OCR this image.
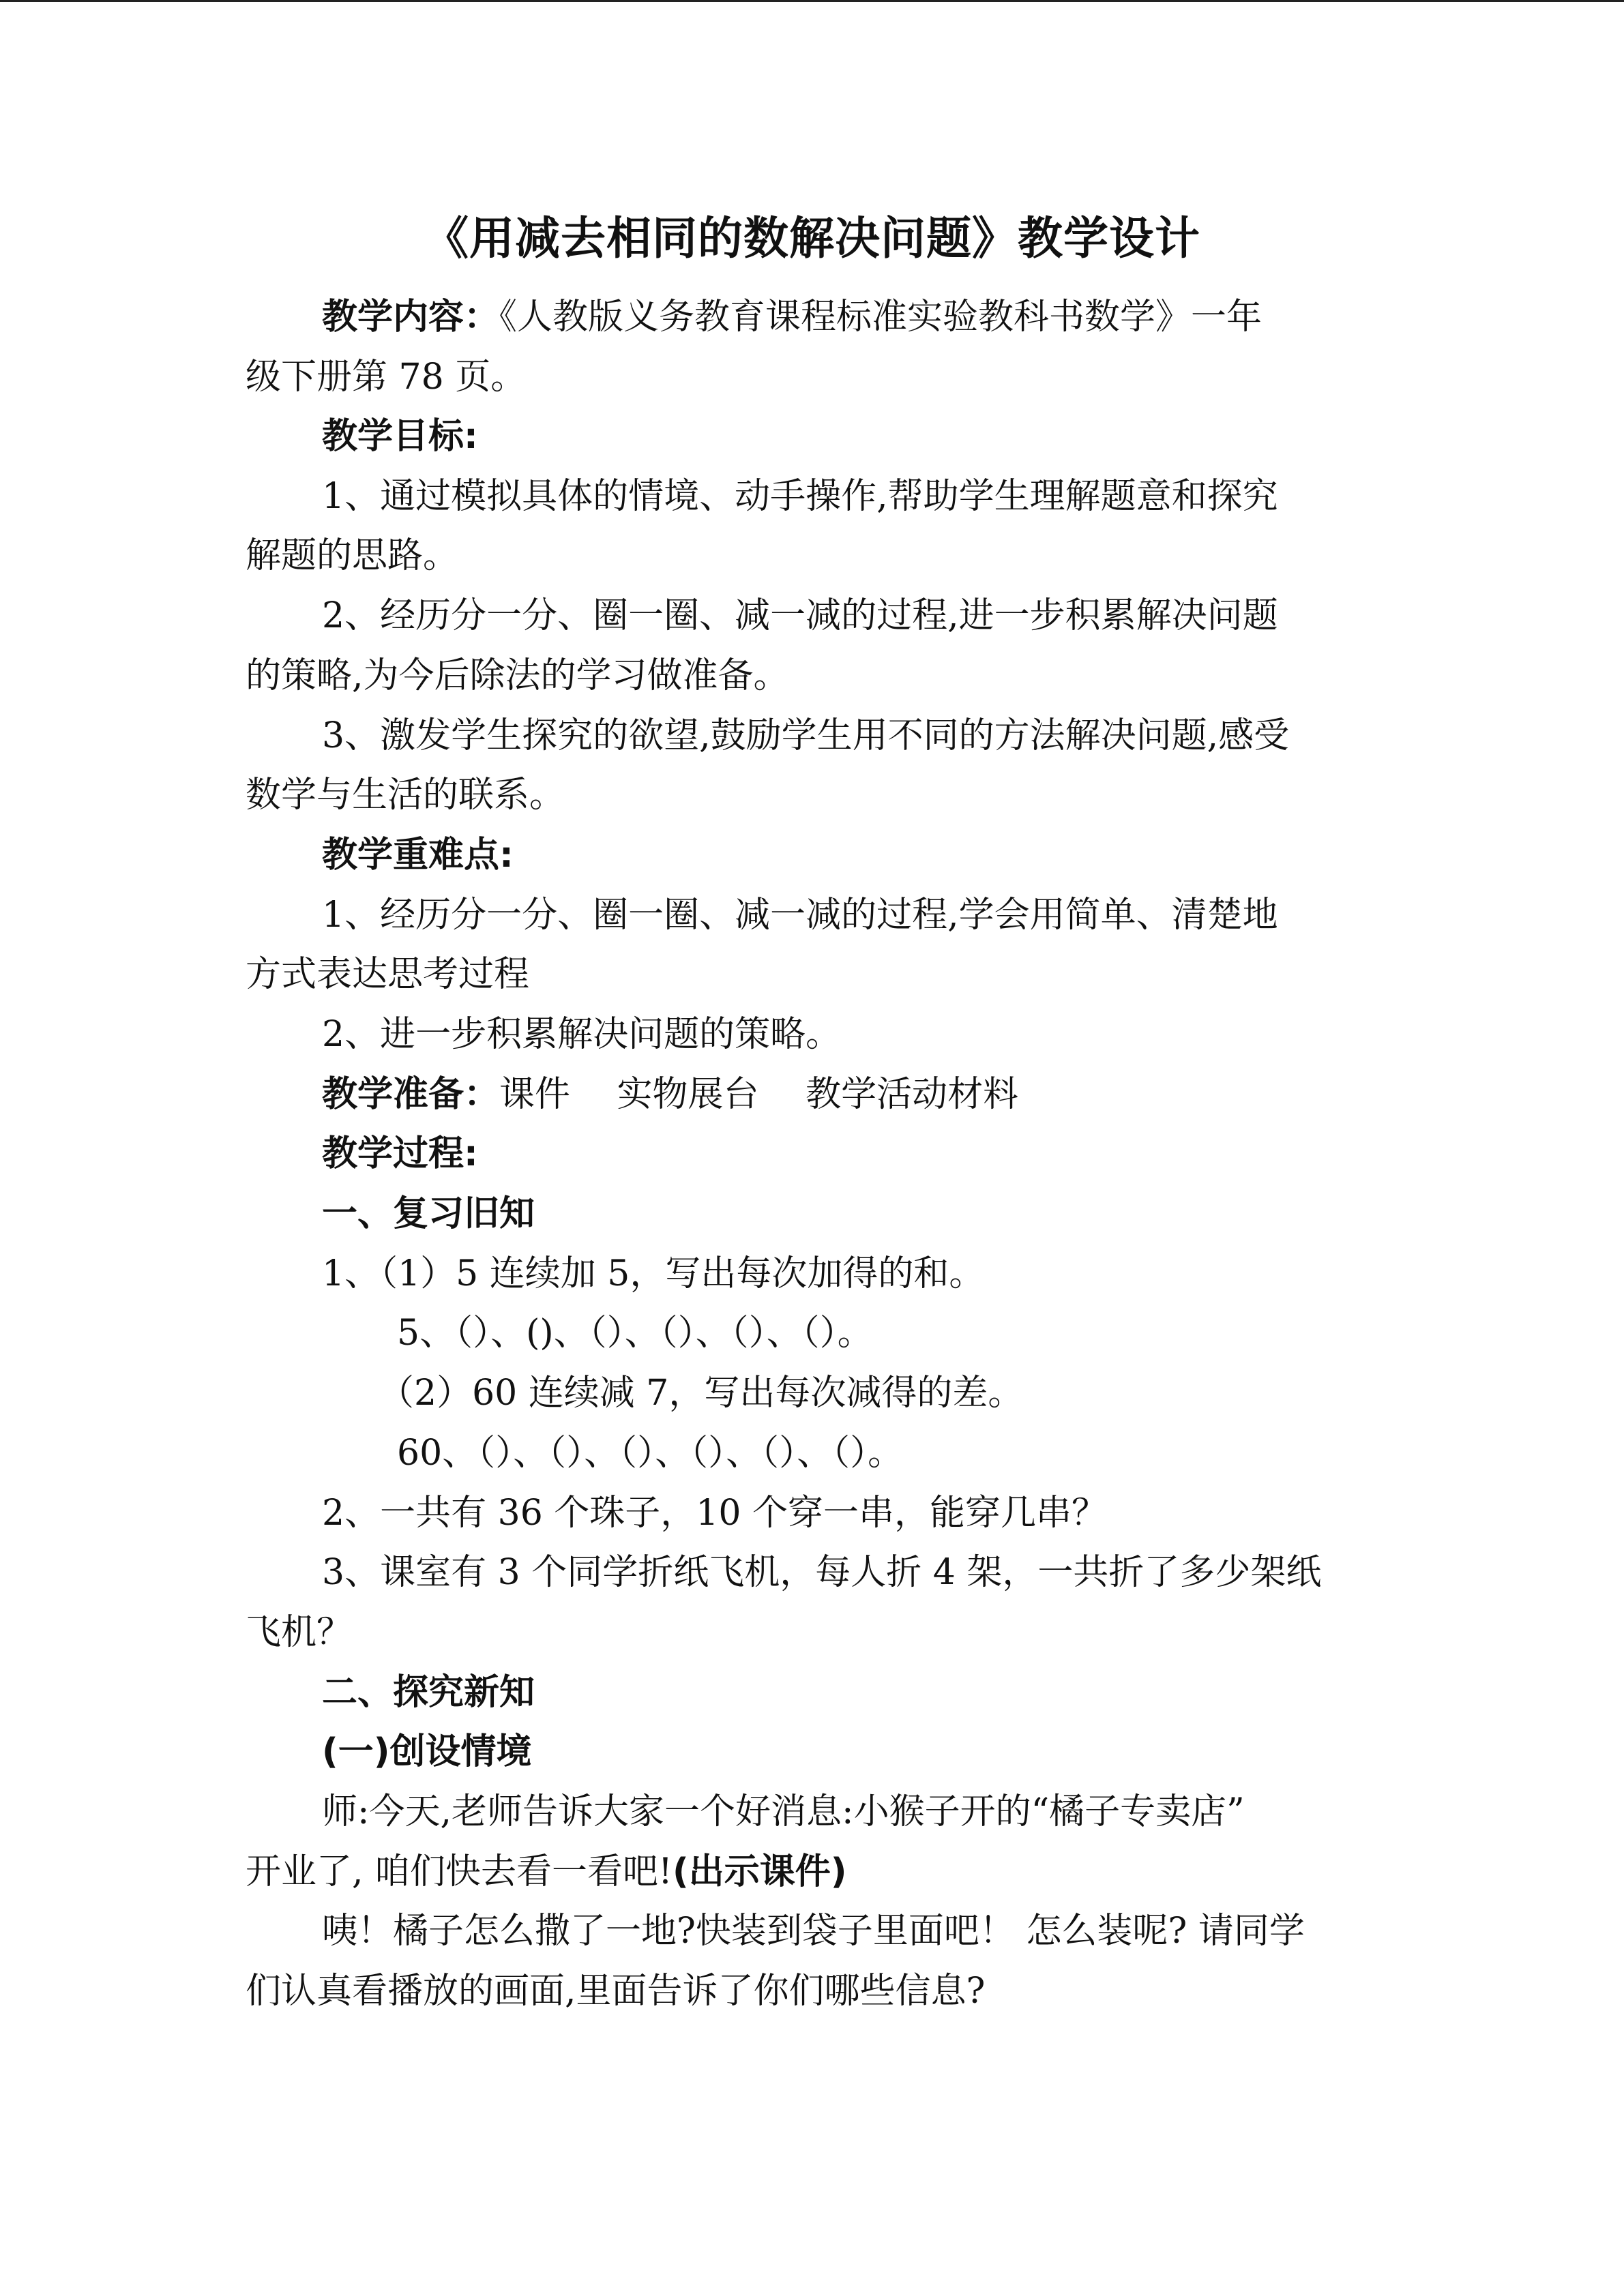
《用减去相同的数解决问题》教学设计
教学内容：《人教版义务教育课程标准实验教科书数学》一年
级下册第 78 页。
教学目标:
1、通过模拟具体的情境、动手操作,帮助学生理解题意和探究
解题的思路。
2、经历分一分、圈一圈、减一减的过程,进一步积累解决问题
的策略,为今后除法的学习做准备。
3、激发学生探究的欲望,鼓励学生用不同的方法解决问题,感受
数学与生活的联系。
教学重难点:
1、经历分一分、圈一圈、减一减的过程,学会用简单、清楚地
方式表达思考过程
2、进一步积累解决问题的策略。
教学准备：课件　 实物展台　 教学活动材料
教学过程:
一、复习旧知
1、（1）5 连续加 5，写出每次加得的和。
5、（）、()、（）、（）、（）、（）。
（2）60 连续减 7，写出每次减得的差。
60、（）、（）、（）、（）、（）、（）。
2、一共有 36 个珠子，10 个穿一串，能穿几串？
3、课室有 3 个同学折纸飞机，每人折 4 架，一共折了多少架纸
飞机？
二、探究新知
(一)创设情境
师:今天,老师告诉大家一个好消息:小猴子开的“橘子专卖店”
开业了, 咱们快去看一看吧!(出示课件)
咦！橘子怎么撒了一地?快装到袋子里面吧！ 怎么装呢? 请同学
们认真看播放的画面,里面告诉了你们哪些信息?
